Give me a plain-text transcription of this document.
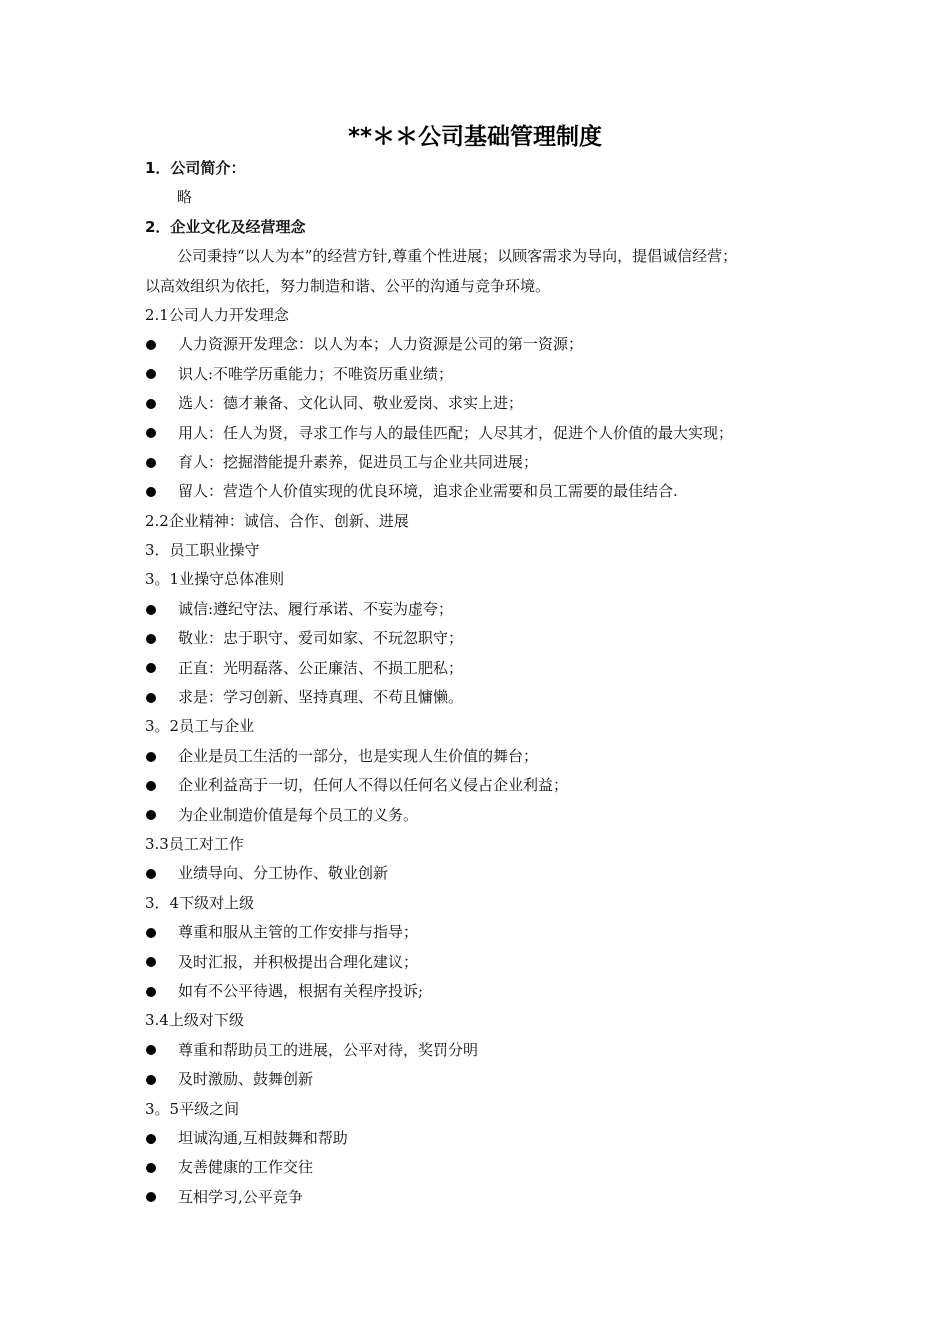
**＊＊公司基础管理制度
1．公司简介：
略
2．企业文化及经营理念
公司秉持“以人为本”的经营方针,尊重个性进展；以顾客需求为导向，提倡诚信经营；
以高效组织为依托，努力制造和谐、公平的沟通与竞争环境。
2.1公司人力开发理念
人力资源开发理念：以人为本；人力资源是公司的第一资源；
识人:不唯学历重能力；不唯资历重业绩；
选人：德才兼备、文化认同、敬业爱岗、求实上进；
用人：任人为贤，寻求工作与人的最佳匹配；人尽其才，促进个人价值的最大实现；
育人：挖掘潜能提升素养，促进员工与企业共同进展；
留人：营造个人价值实现的优良环境，追求企业需要和员工需要的最佳结合.
2.2企业精神：诚信、合作、创新、进展
3．员工职业操守
3。1业操守总体准则
诚信:遵纪守法、履行承诺、不妄为虚夸；
敬业：忠于职守、爱司如家、不玩忽职守；
正直：光明磊落、公正廉洁、不损工肥私；
求是：学习创新、坚持真理、不苟且慵懒。
3。2员工与企业
企业是员工生活的一部分，也是实现人生价值的舞台；
企业利益高于一切，任何人不得以任何名义侵占企业利益；
为企业制造价值是每个员工的义务。
3.3员工对工作
业绩导向、分工协作、敬业创新
3．4下级对上级
尊重和服从主管的工作安排与指导；
及时汇报，并积极提出合理化建议；
如有不公平待遇，根据有关程序投诉;
3.4上级对下级
尊重和帮助员工的进展，公平对待，奖罚分明
及时激励、鼓舞创新
3。5平级之间
坦诚沟通,互相鼓舞和帮助
友善健康的工作交往
互相学习,公平竞争
